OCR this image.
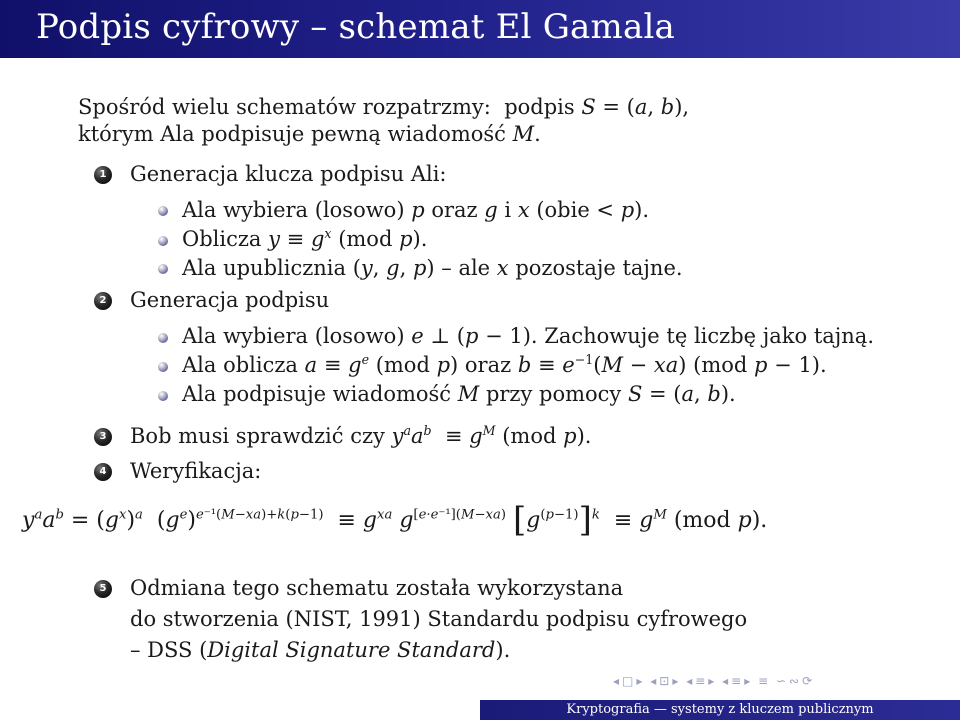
Podpis cyfrowy – schemat El Gamala
Spośród wielu schematów rozpatrzmy:  podpis S = (a, b),
którym Ala podpisuje pewną wiadomość M.
1 Generacja klucza podpisu Ali:
Ala wybiera (losowo) p oraz g i x (obie < p).
Oblicza $y \equiv g^x$ (mod p).
Ala upublicznia (y, g, p) – ale x pozostaje tajne.
2 Generacja podpisu
Ala wybiera (losowo) e ⊥ (p − 1). Zachowuje tę liczbę jako tajną.
Ala oblicza $a \equiv g^e$ (mod p) oraz $b \equiv e^{-1}(M - xa)$ (mod p − 1).
Ala podpisuje wiadomość M przy pomocy S = (a, b).
3 Bob musi sprawdzić czy $y^aa^b \equiv g^M$ (mod p).
4 Weryfikacja:
$y^aa^b = (g^x)^a$  $(g^e)^{e^{-1}(M-xa)+k(p-1)} \equiv g^{xa}$ $g^{[e\cdot e^{-1}](M-xa)}$ $[g^{(p-1)}]^k \equiv g^M$ (mod p).
5 Odmiana tego schematu została wykorzystana
do stworzenia (NIST, 1991) Standardu podpisu cyfrowego
– DSS (Digital Signature Standard).
◂ □ ▸ ◂ ⊡ ▸ ◂ ≡ ▸ ◂ ≡ ▸ ≡ ∽ ∾ ⟳
Kryptografia — systemy z kluczem publicznym
